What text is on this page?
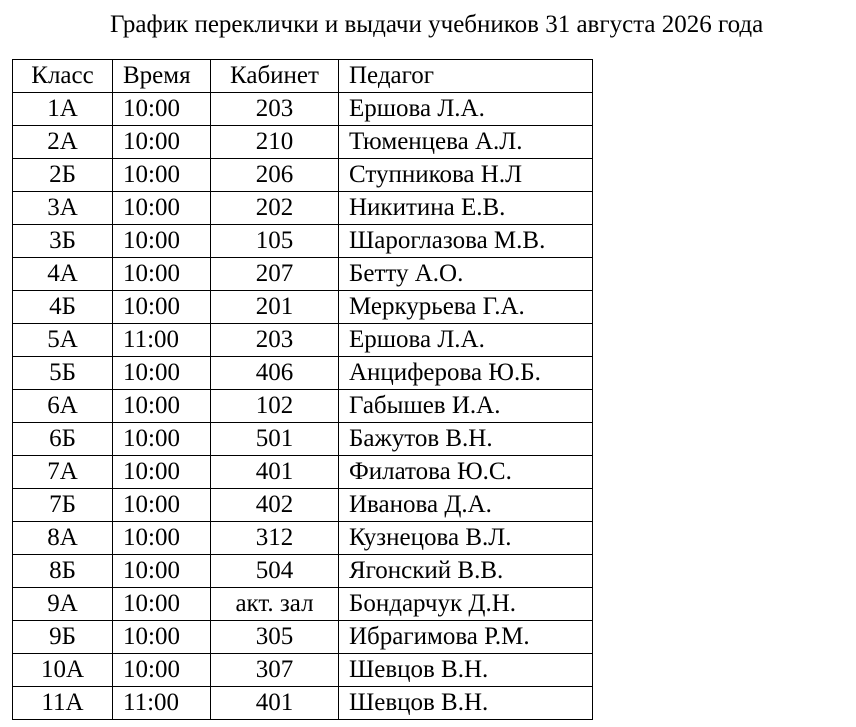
График переклички и выдачи учебников 31 августа 2026 года
Класс	Время	Кабинет	Педагог
1А	10:00	203	Ершова Л.А.
2А	10:00	210	Тюменцева А.Л.
2Б	10:00	206	Ступникова Н.Л
3А	10:00	202	Никитина Е.В.
3Б	10:00	105	Шароглазова М.В.
4А	10:00	207	Бетту А.О.
4Б	10:00	201	Меркурьева Г.А.
5А	11:00	203	Ершова Л.А.
5Б	10:00	406	Анциферова Ю.Б.
6А	10:00	102	Габышев И.А.
6Б	10:00	501	Бажутов В.Н.
7А	10:00	401	Филатова Ю.С.
7Б	10:00	402	Иванова Д.А.
8А	10:00	312	Кузнецова В.Л.
8Б	10:00	504	Ягонский В.В.
9А	10:00	акт. зал	Бондарчук Д.Н.
9Б	10:00	305	Ибрагимова Р.М.
10А	10:00	307	Шевцов В.Н.
11А	11:00	401	Шевцов В.Н.
